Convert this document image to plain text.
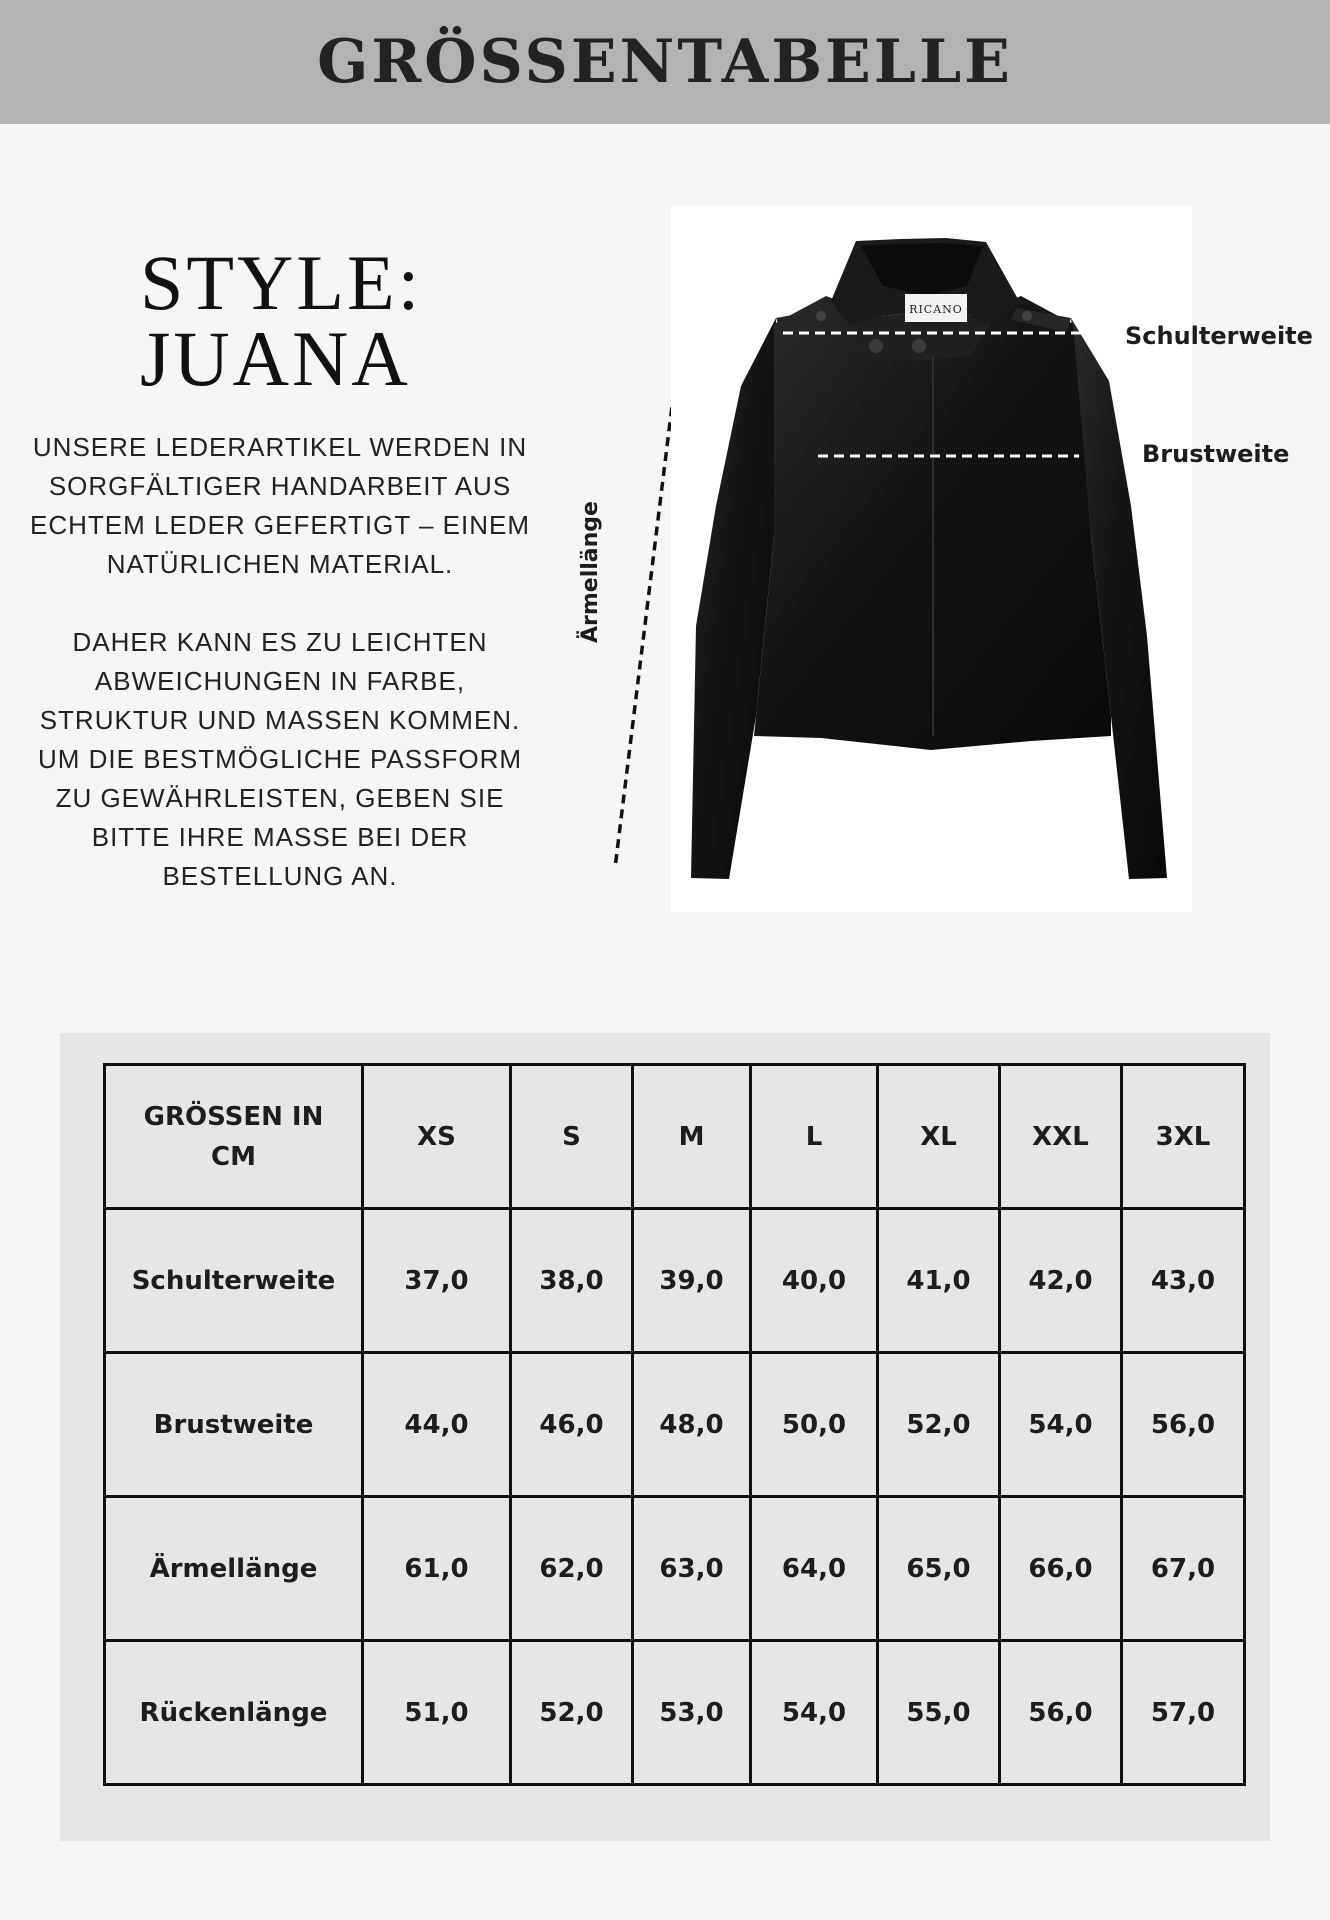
GRÖSSENTABELLE
STYLE:
JUANA

UNSERE LEDERARTIKEL WERDEN IN SORGFÄLTIGER HANDARBEIT AUS ECHTEM LEDER GEFERTIGT – EINEM NATÜRLICHEN MATERIAL.

DAHER KANN ES ZU LEICHTEN ABWEICHUNGEN IN FARBE, STRUKTUR UND MASSEN KOMMEN. UM DIE BESTMÖGLICHE PASSFORM ZU GEWÄHRLEISTEN, GEBEN SIE BITTE IHRE MASSE BEI DER BESTELLUNG AN.

Ärmellänge
RICANO
Schulterweite
Brustweite
GRÖSSEN IN CM	XS	S	M	L	XL	XXL	3XL
Schulterweite	37,0	38,0	39,0	40,0	41,0	42,0	43,0
Brustweite	44,0	46,0	48,0	50,0	52,0	54,0	56,0
Ärmellänge	61,0	62,0	63,0	64,0	65,0	66,0	67,0
Rückenlänge	51,0	52,0	53,0	54,0	55,0	56,0	57,0
